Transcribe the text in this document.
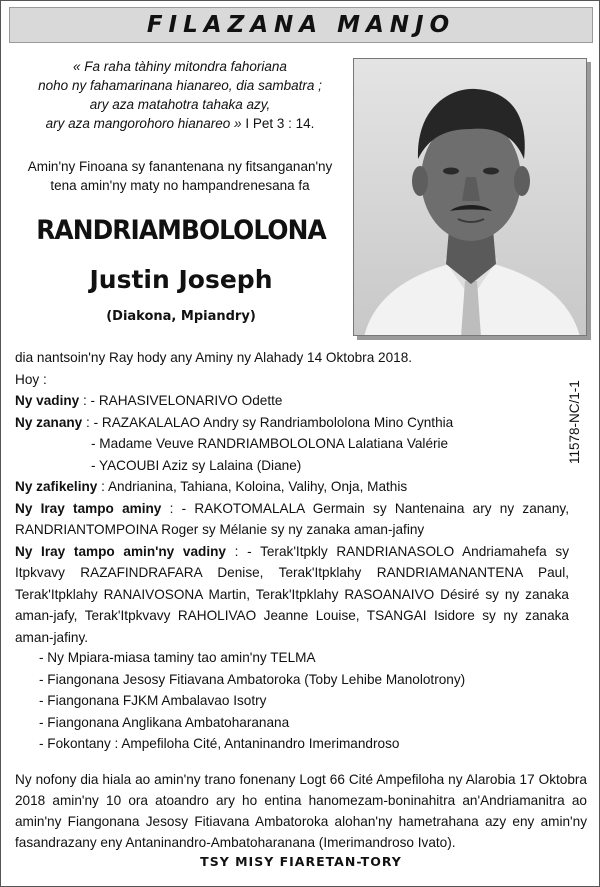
FILAZANA MANJO
« Fa raha tàhiny mitondra fahoriana
noho ny fahamarinana hianareo, dia sambatra ;
ary aza matahotra tahaka azy,
ary aza mangorohoro hianareo » I Pet 3 : 14.
Amin'ny Finoana sy fanantenana ny fitsanganan'ny
tena amin'ny maty no hampandrenesana fa
RANDRIAMBOLOLONA
Justin Joseph
(Diakona, Mpiandry)
11578-NC/1-1

dia nantsoin'ny Ray hody any Aminy ny Alahady 14 Oktobra 2018.

Hoy :

Ny vadiny : - RAHASIVELONARIVO Odette

Ny zanany : - RAZAKALALAO Andry sy Randriambololona Mino Cynthia

- Madame Veuve RANDRIAMBOLOLONA Lalatiana Valérie

- YACOUBI Aziz sy Lalaina (Diane)

Ny zafikeliny : Andrianina, Tahiana, Koloina, Valihy, Onja, Mathis

Ny Iray tampo aminy : - RAKOTOMALALA Germain sy Nantenaina ary ny zanany, RANDRIANTOMPOINA Roger sy Mélanie sy ny zanaka aman-jafiny

Ny Iray tampo amin'ny vadiny : - Terak'Itpkly RANDRIANASOLO Andriamahefa sy Itpkvavy RAZAFINDRAFARA Denise, Terak'Itpklahy RANDRIAMANANTENA Paul, Terak'Itpklahy RANAIVOSONA Martin, Terak'Itpklahy RASOANAIVO Désiré sy ny zanaka aman-jafy, Terak'Itpkvavy RAHOLIVAO Jeanne Louise, TSANGAI Isidore sy ny zanaka aman-jafiny.

- Ny Mpiara-miasa taminy tao amin'ny TELMA
- Fiangonana Jesosy Fitiavana Ambatoroka (Toby Lehibe Manolotrony)
- Fiangonana FJKM Ambalavao Isotry
- Fiangonana Anglikana Ambatoharanana
- Fokontany : Ampefiloha Cité, Antaninandro Imerimandroso
Ny nofony dia hiala ao amin'ny trano fonenany Logt 66 Cité Ampefiloha ny Alarobia 17 Oktobra 2018 amin'ny 10 ora atoandro ary ho entina hanomezam-boninahitra an'Andriamanitra ao amin'ny Fiangonana Jesosy Fitiavana Ambatoroka alohan'ny hametrahana azy eny amin'ny fasandrazany eny Antaninandro-Ambatoharanana (Imerimandroso Ivato).
TSY MISY FIARETAN-TORY
